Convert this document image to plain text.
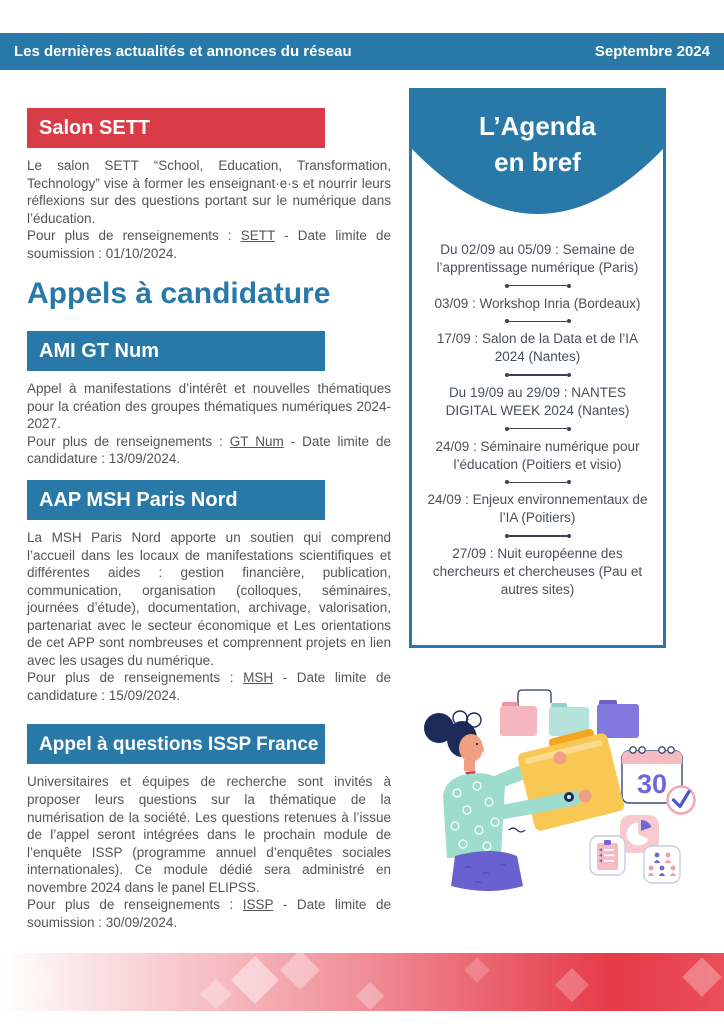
Les dernières actualités et annonces du réseau	Septembre 2024
Salon SETT

Le salon SETT “School, Education, Transformation, Technology” vise à former les enseignant·e·s et nourrir leurs réflexions sur des questions portant sur le numérique dans l’éducation.

Pour plus de renseignements : SETT - Date limite de soumission : 01/10/2024.

Appels à candidature
AMI GT Num

Appel à manifestations d’intérêt et nouvelles thématiques pour la création des groupes thématiques numériques 2024-2027.

Pour plus de renseignements : GT Num - Date limite de candidature : 13/09/2024.

AAP MSH Paris Nord

La MSH Paris Nord apporte un soutien qui comprend l’accueil dans les locaux de manifestations scientifiques et différentes aides : gestion financière, publication, communication, organisation (colloques, séminaires, journées d’étude), documentation, archivage, valorisation, partenariat avec le secteur économique et Les orientations de cet APP sont nombreuses et comprennent projets en lien avec les usages du numérique.

Pour plus de renseignements : MSH - Date limite de candidature : 15/09/2024.

Appel à questions ISSP France

Universitaires et équipes de recherche sont invités à proposer leurs questions sur la thématique de la numérisation de la société. Les questions retenues à l’issue de l’appel seront intégrées dans le prochain module de l’enquête ISSP (programme annuel d’enquêtes sociales internationales). Ce module dédié sera administré en novembre 2024 dans le panel ELIPSS.

Pour plus de renseignements : ISSP - Date limite de soumission : 30/09/2024.

L’Agenda
en bref
Du 02/09 au 05/09 : Semaine de l’apprentissage numérique (Paris)
03/09 : Workshop Inria (Bordeaux)
17/09 : Salon de la Data et de l’IA 2024 (Nantes)
Du 19/09 au 29/09 : NANTES DIGITAL WEEK 2024 (Nantes)
24/09 : Séminaire numérique pour l’éducation (Poitiers et visio)
24/09 : Enjeux environnementaux de l’IA (Poitiers)
27/09 : Nuit européenne des chercheurs et chercheuses (Pau et autres sites)
30
